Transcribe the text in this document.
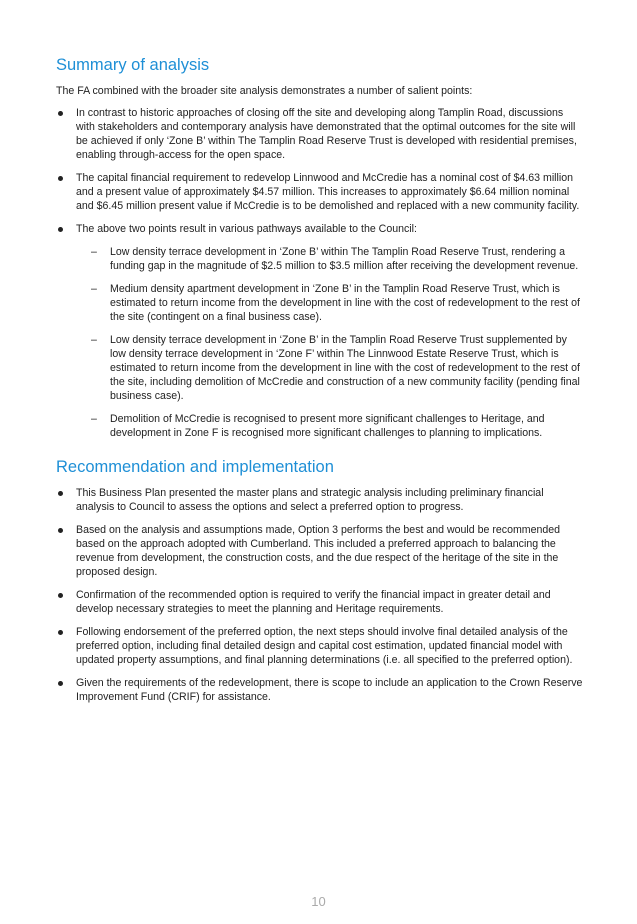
Summary of analysis

The FA combined with the broader site analysis demonstrates a number of salient points:

In contrast to historic approaches of closing off the site and developing along Tamplin Road, discussions with stakeholders and contemporary analysis have demonstrated that the optimal outcomes for the site will be achieved if only ‘Zone B’ within The Tamplin Road Reserve Trust is developed with residential premises, enabling through-access for the open space.
The capital financial requirement to redevelop Linnwood and McCredie has a nominal cost of $4.63 million and a present value of approximately $4.57 million. This increases to approximately $6.64 million nominal and $6.45 million present value if McCredie is to be demolished and replaced with a new community facility.
The above two points result in various pathways available to the Council:
– Low density terrace development in ‘Zone B’ within The Tamplin Road Reserve Trust, rendering a funding gap in the magnitude of $2.5 million to $3.5 million after receiving the development revenue.
– Medium density apartment development in ‘Zone B’ in the Tamplin Road Reserve Trust, which is estimated to return income from the development in line with the cost of redevelopment to the rest of the site (contingent on a final business case).
– Low density terrace development in ‘Zone B’ in the Tamplin Road Reserve Trust supplemented by low density terrace development in ‘Zone F’ within The Linnwood Estate Reserve Trust, which is estimated to return income from the development in line with the cost of redevelopment to the rest of the site, including demolition of McCredie and construction of a new community facility (pending final business case).
– Demolition of McCredie is recognised to present more significant challenges to Heritage, and development in Zone F is recognised more significant challenges to planning to implications.
Recommendation and implementation
This Business Plan presented the master plans and strategic analysis including preliminary financial analysis to Council to assess the options and select a preferred option to progress.
Based on the analysis and assumptions made, Option 3 performs the best and would be recommended based on the approach adopted with Cumberland. This included a preferred approach to balancing the revenue from development, the construction costs, and the due respect of the heritage of the site in the proposed design.
Confirmation of the recommended option is required to verify the financial impact in greater detail and develop necessary strategies to meet the planning and Heritage requirements.
Following endorsement of the preferred option, the next steps should involve final detailed analysis of the preferred option, including final detailed design and capital cost estimation, updated financial model with updated property assumptions, and final planning determinations (i.e. all specified to the preferred option).
Given the requirements of the redevelopment, there is scope to include an application to the Crown Reserve Improvement Fund (CRIF) for assistance.
10
